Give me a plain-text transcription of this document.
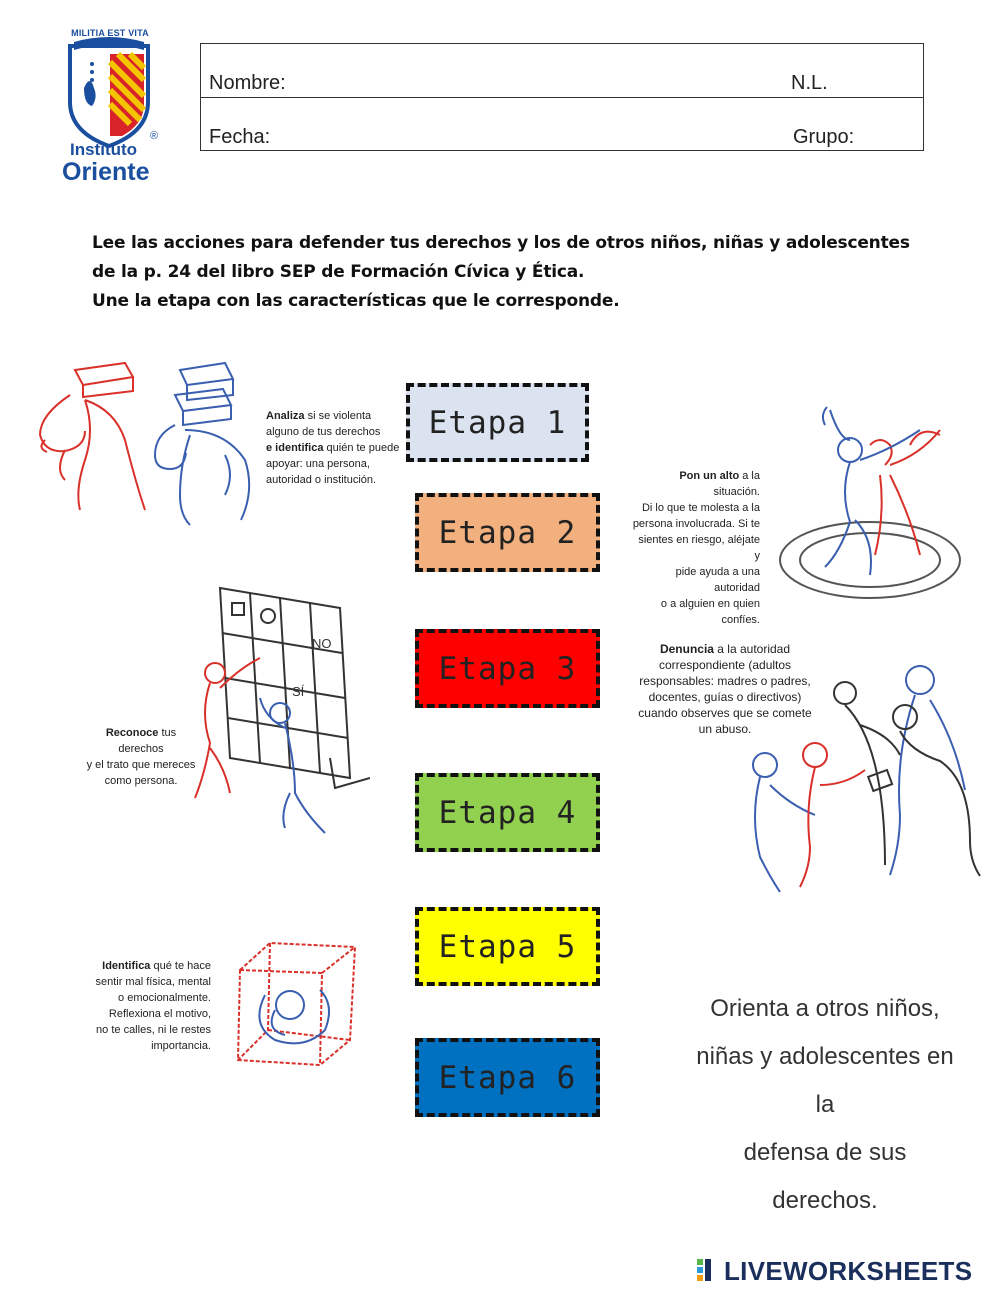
MILITIA EST VITA
Instituto
®
Oriente
Nombre:	N.L.
Fecha:	Grupo:
Lee las acciones para defender tus derechos y los de otros niños, niñas y adolescentes
de la p. 24 del libro SEP de Formación Cívica y Ética.
Une la etapa con las características que le corresponde.
Analiza si se violenta
alguno de tus derechos
e identifica quién te puede
apoyar: una persona,
autoridad o institución.	Pon un alto a la situación.
Di lo que te molesta a la
persona involucrada. Si te
sientes en riesgo, aléjate y
pide ayuda a una autoridad
o a alguien en quien
confíes.
NO
SÍ
Reconoce tus derechos
y el trato que mereces
como persona.
Denuncia a la autoridad
correspondiente (adultos
responsables: madres o padres,
docentes, guías o directivos)
cuando observes que se comete
un abuso.
Identifica qué te hace
sentir mal física, mental
o emocionalmente.
Reflexiona el motivo,
no te calles, ni le restes
importancia.
Orienta a otros niños,
niñas y adolescentes en la
defensa de sus derechos.
Etapa 1
Etapa 2
Etapa 3
Etapa 4
Etapa 5
Etapa 6
LIVEWORKSHEETS
